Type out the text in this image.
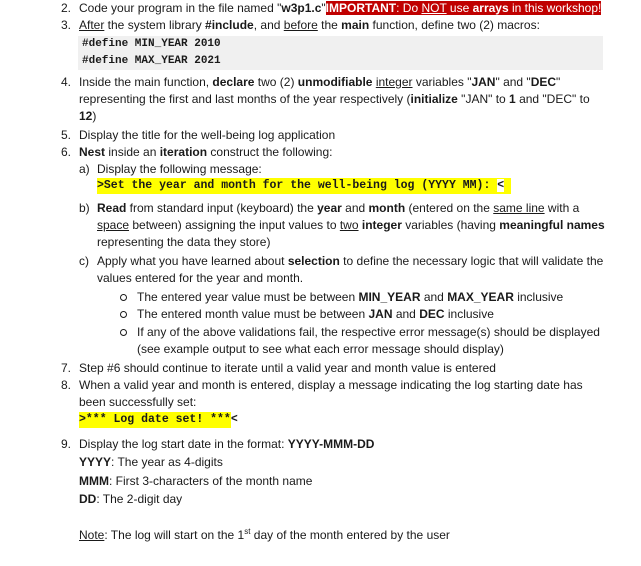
2. Code your program in the file named "w3p1.c"IMPORTANT: Do NOT use arrays in this workshop!
3. After the system library #include, and before the main function, define two (2) macros:
#define MIN_YEAR 2010
#define MAX_YEAR 2021
4. Inside the main function, declare two (2) unmodifiable integer variables "JAN" and "DEC"
representing the first and last months of the year respectively (initialize "JAN" to 1 and "DEC" to
12)
5. Display the title for the well-being log application
6. Nest inside an iteration construct the following:
a) Display the following message:
>Set the year and month for the well-being log (YYYY MM): <
b) Read from standard input (keyboard) the year and month (entered on the same line with a
space between) assigning the input values to two integer variables (having meaningful names
representing the data they store)
c) Apply what you have learned about selection to define the necessary logic that will validate the
values entered for the year and month.
The entered year value must be between MIN_YEAR and MAX_YEAR inclusive
The entered month value must be between JAN and DEC inclusive
If any of the above validations fail, the respective error message(s) should be displayed
(see example output to see what each error message should display)
7. Step #6 should continue to iterate until a valid year and month value is entered
8. When a valid year and month is entered, display a message indicating the log starting date has
been successfully set:
>*** Log date set! ***<
9. Display the log start date in the format: YYYY-MMM-DD
YYYY: The year as 4-digits
MMM: First 3-characters of the month name
DD: The 2-digit day
Note: The log will start on the 1st day of the month entered by the user
